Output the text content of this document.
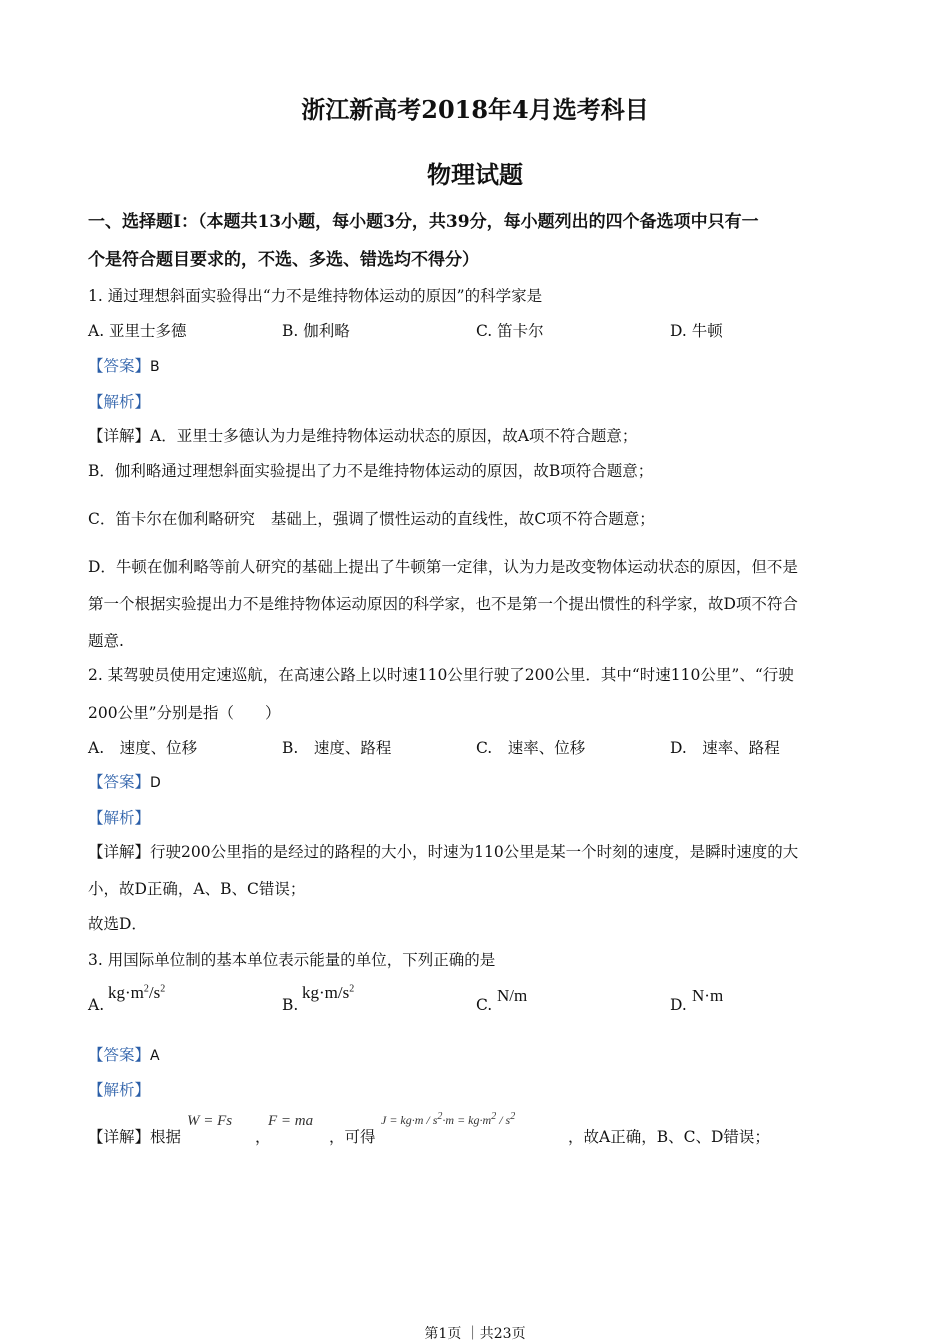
浙江新高考2018年4月选考科目
物理试题
一、选择题I：（本题共13小题，每小题3分，共39分，每小题列出的四个备选项中只有一
个是符合题目要求的，不选、多选、错选均不得分）
1. 通过理想斜面实验得出“力不是维持物体运动的原因”的科学家是
A. 亚里士多德	B. 伽利略	C. 笛卡尔	D. 牛顿
【答案】B
【解析】
【详解】A．亚里士多德认为力是维持物体运动状态的原因，故A项不符合题意；
B．伽利略通过理想斜面实验提出了力不是维持物体运动的原因，故B项符合题意；
C．笛卡尔在伽利略研究 基础上，强调了惯性运动的直线性，故C项不符合题意；
D．牛顿在伽利略等前人研究的基础上提出了牛顿第一定律，认为力是改变物体运动状态的原因，但不是
第一个根据实验提出力不是维持物体运动原因的科学家，也不是第一个提出惯性的科学家，故D项不符合
题意.
2. 某驾驶员使用定速巡航，在高速公路上以时速110公里行驶了200公里．其中“时速110公里”、“行驶
200公里”分别是指（　　）
A.　速度、位移	B.　速度、路程	C.　速率、位移	D.　速率、路程
【答案】D
【解析】
【详解】行驶200公里指的是经过的路程的大小，时速为110公里是某一个时刻的速度，是瞬时速度的大
小，故D正确，A、B、C错误；
故选D．
3. 用国际单位制的基本单位表示能量的单位，下列正确的是
A.
$kg\cdot m^2/s^2$
B.
$kg\cdot m/s^2$
C. N/m	D. N·m
【答案】A
【解析】
【详解】根据
W = Fs
，
F = ma
，可得
$J = kg\cdot m / s^2\cdot m = kg\cdot m^2 / s^2$
，故A正确，B、C、D错误；
第1页 ｜共23页
